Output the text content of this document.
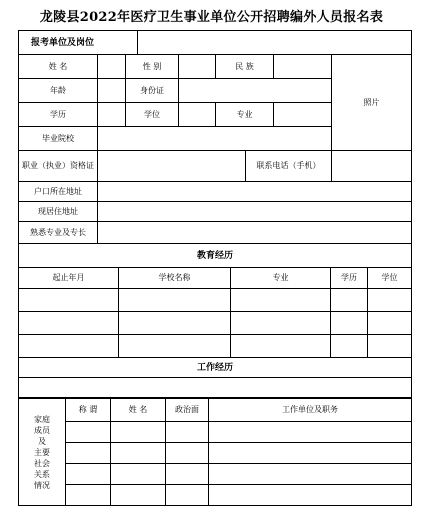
龙陵县2022年医疗卫生事业单位公开招聘编外人员报名表
报考单位及岗位
姓 名	性 别	民 族
照片
年龄	身份证
学历	学位	专业
毕业院校
职业（执业）资格证	联系电话（手机）
户口所在地址
现居住地址
熟悉专业及专长
教育经历
起止年月	学校名称	专业	学历	学位
工作经历
家庭
成员
及
主要
社会
关系
情况
称 谓	姓 名	政治面	工作单位及职务
